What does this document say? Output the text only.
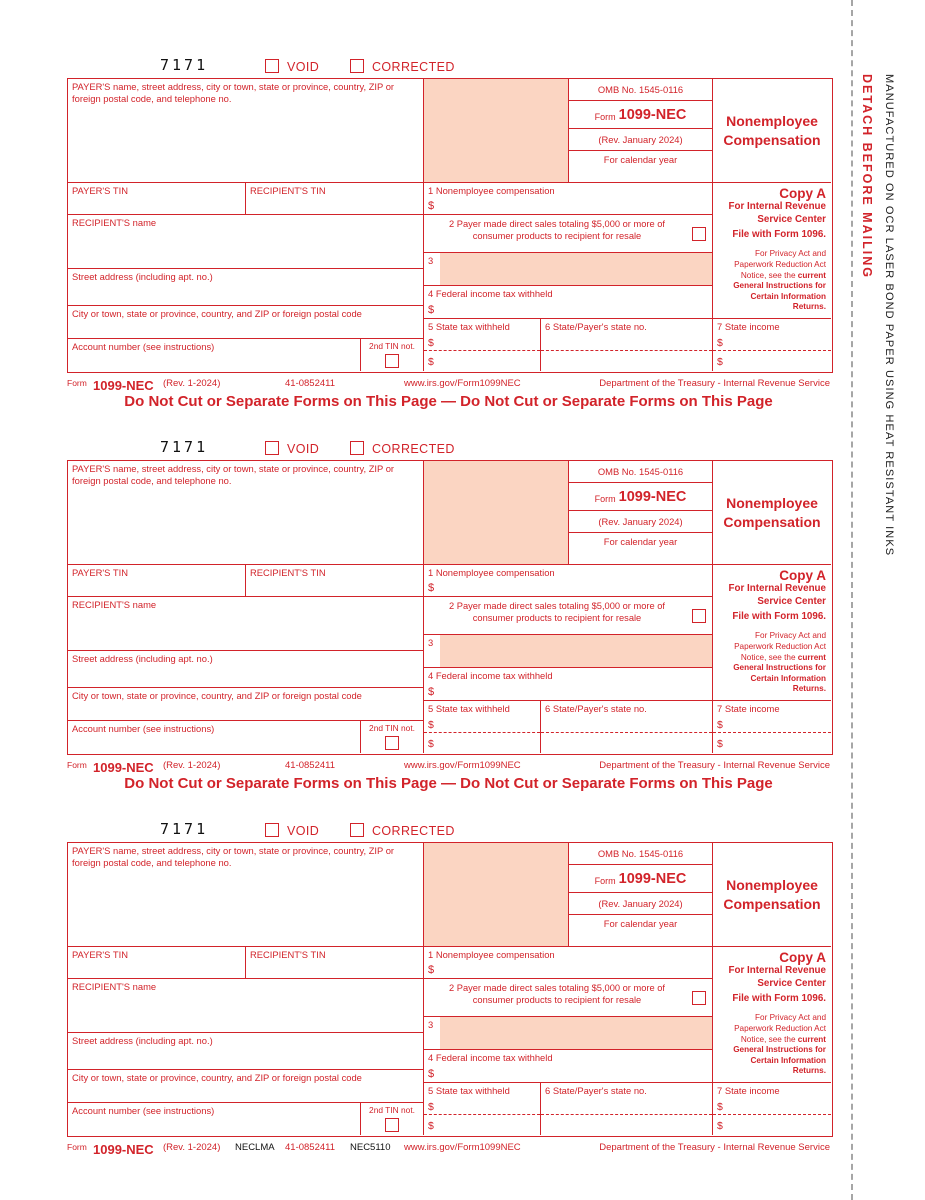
7171	VOID	CORRECTED
PAYER'S name, street address, city or town, state or province, country, ZIP or foreign postal code, and telephone no.
PAYER'S TIN	RECIPIENT'S TIN
RECIPIENT'S name
Street address (including apt. no.)
City or town, state or province, country, and ZIP or foreign postal code
Account number (see instructions)	2nd TIN not.
OMB No. 1545-0116
Form 1099-NEC
(Rev. January 2024)
For calendar year
1 Nonemployee compensation
$
2 Payer made direct sales totaling $5,000 or more of consumer products to recipient for resale
3
4 Federal income tax withheld
$
5 State tax withheld
$
$
6 State/Payer's state no.
Nonemployee
Compensation
Copy A
For Internal Revenue
Service Center
File with Form 1096.
For Privacy Act and Paperwork Reduction Act Notice, see the current General Instructions for Certain Information Returns.
7 State income
$
$
Form 1099-NEC (Rev. 1-2024)	41-0852411	www.irs.gov/Form1099NEC	Department of the Treasury - Internal Revenue Service
Do Not Cut or Separate Forms on This Page — Do Not Cut or Separate Forms on This Page
7171	VOID	CORRECTED
PAYER'S name, street address, city or town, state or province, country, ZIP or foreign postal code, and telephone no.
PAYER'S TIN	RECIPIENT'S TIN
RECIPIENT'S name
Street address (including apt. no.)
City or town, state or province, country, and ZIP or foreign postal code
Account number (see instructions)	2nd TIN not.
OMB No. 1545-0116
Form 1099-NEC
(Rev. January 2024)
For calendar year
1 Nonemployee compensation
$
2 Payer made direct sales totaling $5,000 or more of consumer products to recipient for resale
3
4 Federal income tax withheld
$
5 State tax withheld
$
$
6 State/Payer's state no.
Nonemployee
Compensation
Copy A
For Internal Revenue
Service Center
File with Form 1096.
For Privacy Act and Paperwork Reduction Act Notice, see the current General Instructions for Certain Information Returns.
7 State income
$
$
Form 1099-NEC (Rev. 1-2024)	41-0852411	www.irs.gov/Form1099NEC	Department of the Treasury - Internal Revenue Service
Do Not Cut or Separate Forms on This Page — Do Not Cut or Separate Forms on This Page
7171	VOID	CORRECTED
PAYER'S name, street address, city or town, state or province, country, ZIP or foreign postal code, and telephone no.
PAYER'S TIN	RECIPIENT'S TIN
RECIPIENT'S name
Street address (including apt. no.)
City or town, state or province, country, and ZIP or foreign postal code
Account number (see instructions)	2nd TIN not.
OMB No. 1545-0116
Form 1099-NEC
(Rev. January 2024)
For calendar year
1 Nonemployee compensation
$
2 Payer made direct sales totaling $5,000 or more of consumer products to recipient for resale
3
4 Federal income tax withheld
$
5 State tax withheld
$
$
6 State/Payer's state no.
Nonemployee
Compensation
Copy A
For Internal Revenue
Service Center
File with Form 1096.
For Privacy Act and Paperwork Reduction Act Notice, see the current General Instructions for Certain Information Returns.
7 State income
$
$
Form 1099-NEC (Rev. 1-2024) NECLMA 41-0852411 NEC5110 www.irs.gov/Form1099NEC	Department of the Treasury - Internal Revenue Service
DETACH BEFORE MAILING MANUFACTURED ON OCR LASER BOND PAPER USING HEAT RESISTANT INKS
